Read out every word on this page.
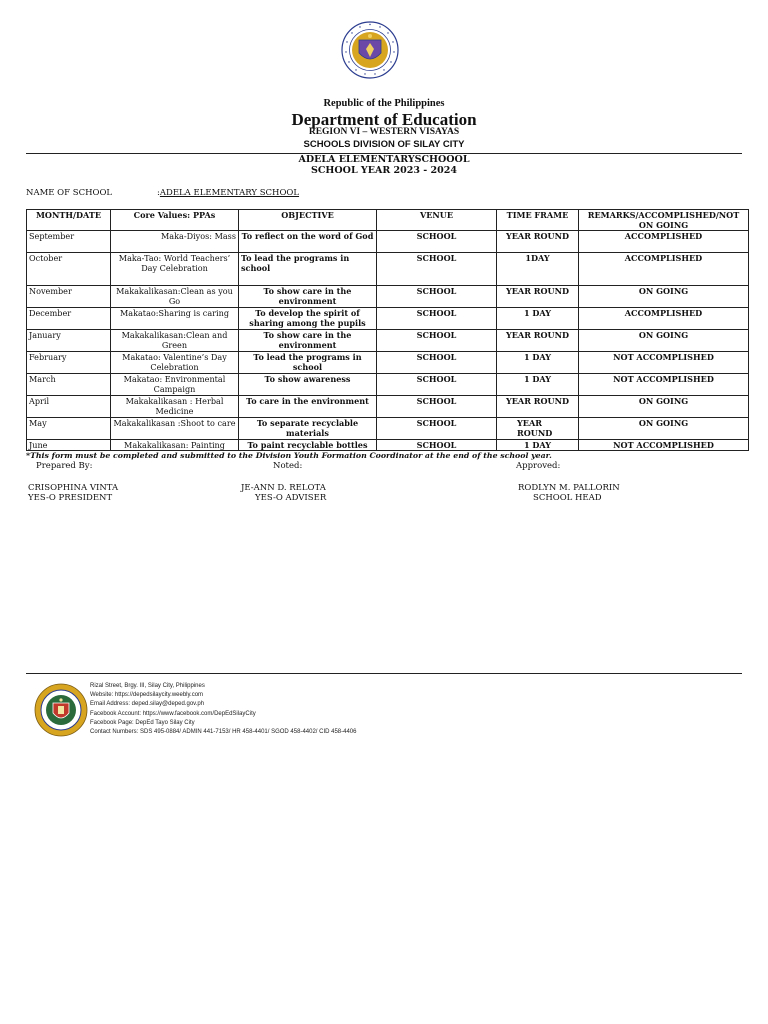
Republic of the Philippines
Department of Education
REGION VI – WESTERN VISAYAS
SCHOOLS DIVISION OF SILAY CITY
ADELA ELEMENTARYSCHOOOL
SCHOOL YEAR 2023 - 2024
NAME OF SCHOOL	:ADELA ELEMENTARY SCHOOL
MONTH/DATE	Core Values: PPAs	OBJECTIVE	VENUE	TIME FRAME	REMARKS/ACCOMPLISHED/NOT ON GOING
September	Maka-Diyos: Mass	To reflect on the word of God	SCHOOL	YEAR ROUND	ACCOMPLISHED
October	Maka-Tao: World Teachers’ Day Celebration	To lead the programs in school	SCHOOL	1DAY	ACCOMPLISHED
November	Makakalikasan:Clean as you Go	To show care in the environment	SCHOOL	YEAR ROUND	ON GOING
December	Makatao:Sharing is caring	To develop the spirit of sharing among the pupils	SCHOOL	1 DAY	ACCOMPLISHED
January	Makakalikasan:Clean and Green	To show care in the environment	SCHOOL	YEAR ROUND	ON GOING
February	Makatao: Valentine’s Day Celebration	To lead the programs in school	SCHOOL	1 DAY	NOT ACCOMPLISHED
March	Makatao: Environmental Campaign	To show awareness	SCHOOL	1 DAY	NOT ACCOMPLISHED
April	Makakalikasan : Herbal Medicine	To care in the environment	SCHOOL	YEAR ROUND	ON GOING
May	Makakalikasan :Shoot to care	To separate recyclable materials	SCHOOL	YEAR ROUND	ON GOING
June	Makakalikasan: Painting	To paint recyclable bottles	SCHOOL	1 DAY	NOT ACCOMPLISHED
*This form must be completed and submitted to the Division Youth Formation Coordinator at the end of the school year.
Prepared By:	Noted:	Approved:
CRISOPHINA VINTA
YES-O PRESIDENT
JE-ANN D. RELOTA
YES-O ADVISER
RODLYN M. PALLORIN
SCHOOL HEAD
Rizal Street, Brgy. III, Silay City, Philippines
Website: https://depedsilaycity.weebly.com
Email Address: deped.silay@deped.gov.ph
Facebook Account: https://www.facebook.com/DepEdSilayCity
Facebook Page: DepEd Tayo Silay City
Contact Numbers: SDS 495-0884/ ADMIN 441-7153/ HR 458-4401/ SGOD 458-4402/ CID 458-4406
